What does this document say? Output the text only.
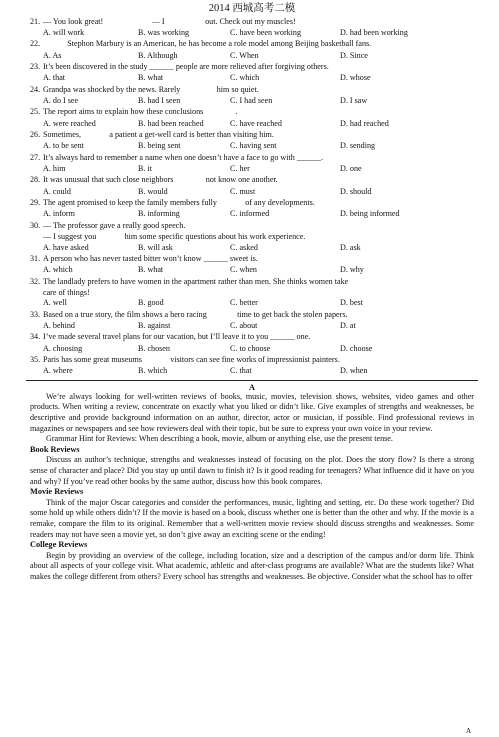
2014 西城高考二模
21. — You look great!                        — I                    out. Check out my muscles!
A. will work	B. was working	C. have been working	D. had been working
22. Stephon Marbury is an American, he has become a role model among Beijing basketball fans.
A. As	B. Although	C. When	D. Since
23. It’s been discovered in the study ______ people are more relieved after forgiving others.
A. that	B. what	C. which	D. whose
24. Grandpa was shocked by the news. Rarely                  him so quiet.
A. do I see	B. had I seen	C. I had seen	D. I saw
25. The report aims to explain how these conclusions                .
A. were reached	B. had been reached	C. have reached	D. had reached
26. Sometimes,              a patient a get-well card is better than visiting him.
A. to be sent	B. being sent	C. having sent	D. sending
27. It’s always hard to remember a name when one doesn’t have a face to go with ______.
A. him	B. it	C. her	D. one
28. It was unusual that such close neighbors                not know one another.
A. could	B. would	C. must	D. should
29. The agent promised to keep the family members fully              of any developments.
A. inform	B. informing	C. informed	D. being informed
30. — The professor gave a really good speech.
— I suggest you              him some specific questions about his work experience.
A. have asked	B. will ask	C. asked	D. ask
31. A person who has never tasted bitter won’t know ______ sweet is.
A. which	B. what	C. when	D. why
32. The landlady prefers to have women in the apartment rather than men. She thinks women take
care of things!
A. well	B. good	C. better	D. best
33. Based on a true story, the film shows a hero racing               time to get back the stolen papers.
A. behind	B. against	C. about	D. at
34. I’ve made several travel plans for our vacation, but I’ll leave it to you ______ one.
A. choosing	B. chosen	C. to choose	D. choose
35. Paris has some great museums              visitors can see fine works of impressionist painters.
A. where	B. which	C. that	D. when
A

We’re always looking for well-written reviews of books, music, movies, television shows, websites, video games and other products. When writing a review, concentrate on exactly what you liked or didn’t like. Give examples of strengths and weaknesses, be descriptive and provide background information on an author, director, actor or musician, if possible. Find professional reviews in magazines or newspapers and see how reviewers deal with their topic, but be sure to express your own voice in your review.

Grammar Hint for Reviews: When describing a book, movie, album or anything else, use the present tense.

Book Reviews

Discuss an author’s technique, strengths and weaknesses instead of focusing on the plot. Does the story flow? Is there a strong sense of character and place? Did you stay up until dawn to finish it? Is it good reading for teenagers? What influence did it have on you and why? If you’ve read other books by the same author, discuss how this book compares.

Movie Reviews

Think of the major Oscar categories and consider the performances, music, lighting and setting, etc. Do these work together? Did some hold up while others didn’t? If the movie is based on a book, discuss whether one is better than the other and why. If the movie is a remake, compare the film to its original. Remember that a well-written movie review should discuss strengths and weaknesses. Some readers may not have seen a movie yet, so don’t give away an exciting scene or the ending!

College Reviews

Begin by providing an overview of the college, including location, size and a description of the campus and/or dorm life. Think about all aspects of your college visit. What academic, athletic and after-class programs are available? What are the students like? What makes the college different from others? Every school has strengths and weaknesses. Be objective. Consider what the school has to offer

A
